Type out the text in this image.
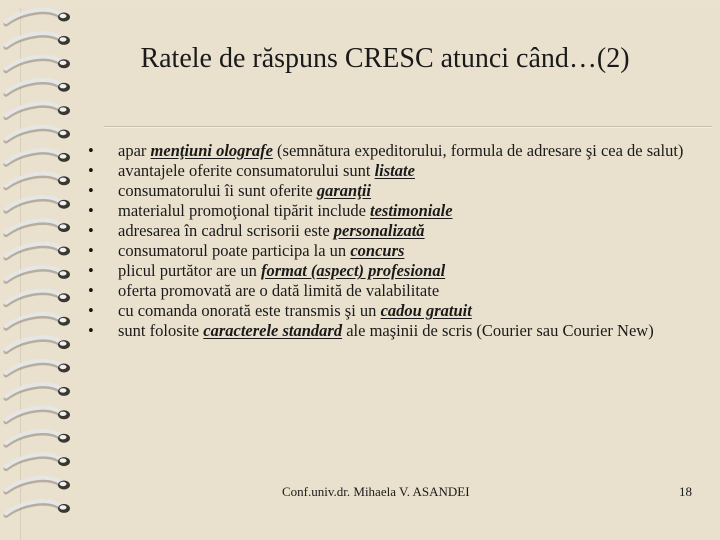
Ratele de răspuns CRESC atunci când…(2)
• apar menţiuni olografe (semnătura expeditorului, formula de adresare şi cea de salut)
• avantajele oferite consumatorului sunt listate
• consumatorului îi sunt oferite garanţii
• materialul promoţional tipărit include testimoniale
• adresarea în cadrul scrisorii este personalizată
• consumatorul poate participa la un concurs
• plicul purtător are un format (aspect) profesional
• oferta promovată are o dată limită de valabilitate
• cu comanda onorată este transmis şi un cadou gratuit
• sunt folosite caracterele standard ale maşinii de scris (Courier sau Courier New)
Conf.univ.dr. Mihaela V. ASANDEI	18
